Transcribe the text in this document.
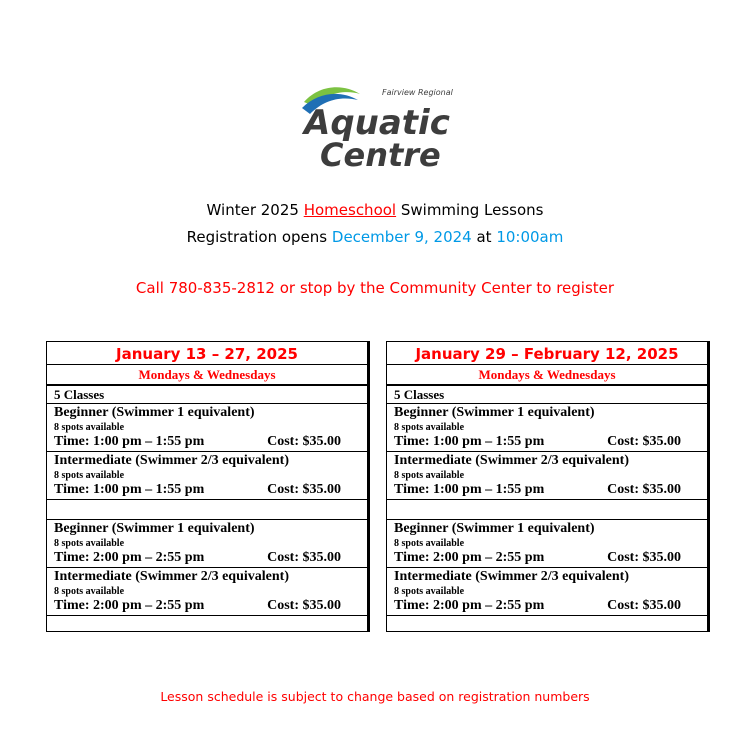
Fairview Regional
Aquatic
Centre
Winter 2025 Homeschool Swimming Lessons
Registration opens December 9, 2024 at 10:00am
Call 780-835-2812 or stop by the Community Center to register
January 13 – 27, 2025
Mondays & Wednesdays
5 Classes
Beginner (Swimmer 1 equivalent)
8 spots available
Time: 1:00 pm – 1:55 pm	Cost: $35.00
Intermediate (Swimmer 2/3 equivalent)
8 spots available
Time: 1:00 pm – 1:55 pm	Cost: $35.00
Beginner (Swimmer 1 equivalent)
8 spots available
Time: 2:00 pm – 2:55 pm	Cost: $35.00
Intermediate (Swimmer 2/3 equivalent)
8 spots available
Time: 2:00 pm – 2:55 pm	Cost: $35.00
January 29 – February 12, 2025
Mondays & Wednesdays
5 Classes
Beginner (Swimmer 1 equivalent)
8 spots available
Time: 1:00 pm – 1:55 pm	Cost: $35.00
Intermediate (Swimmer 2/3 equivalent)
8 spots available
Time: 1:00 pm – 1:55 pm	Cost: $35.00
Beginner (Swimmer 1 equivalent)
8 spots available
Time: 2:00 pm – 2:55 pm	Cost: $35.00
Intermediate (Swimmer 2/3 equivalent)
8 spots available
Time: 2:00 pm – 2:55 pm	Cost: $35.00
Lesson schedule is subject to change based on registration numbers
